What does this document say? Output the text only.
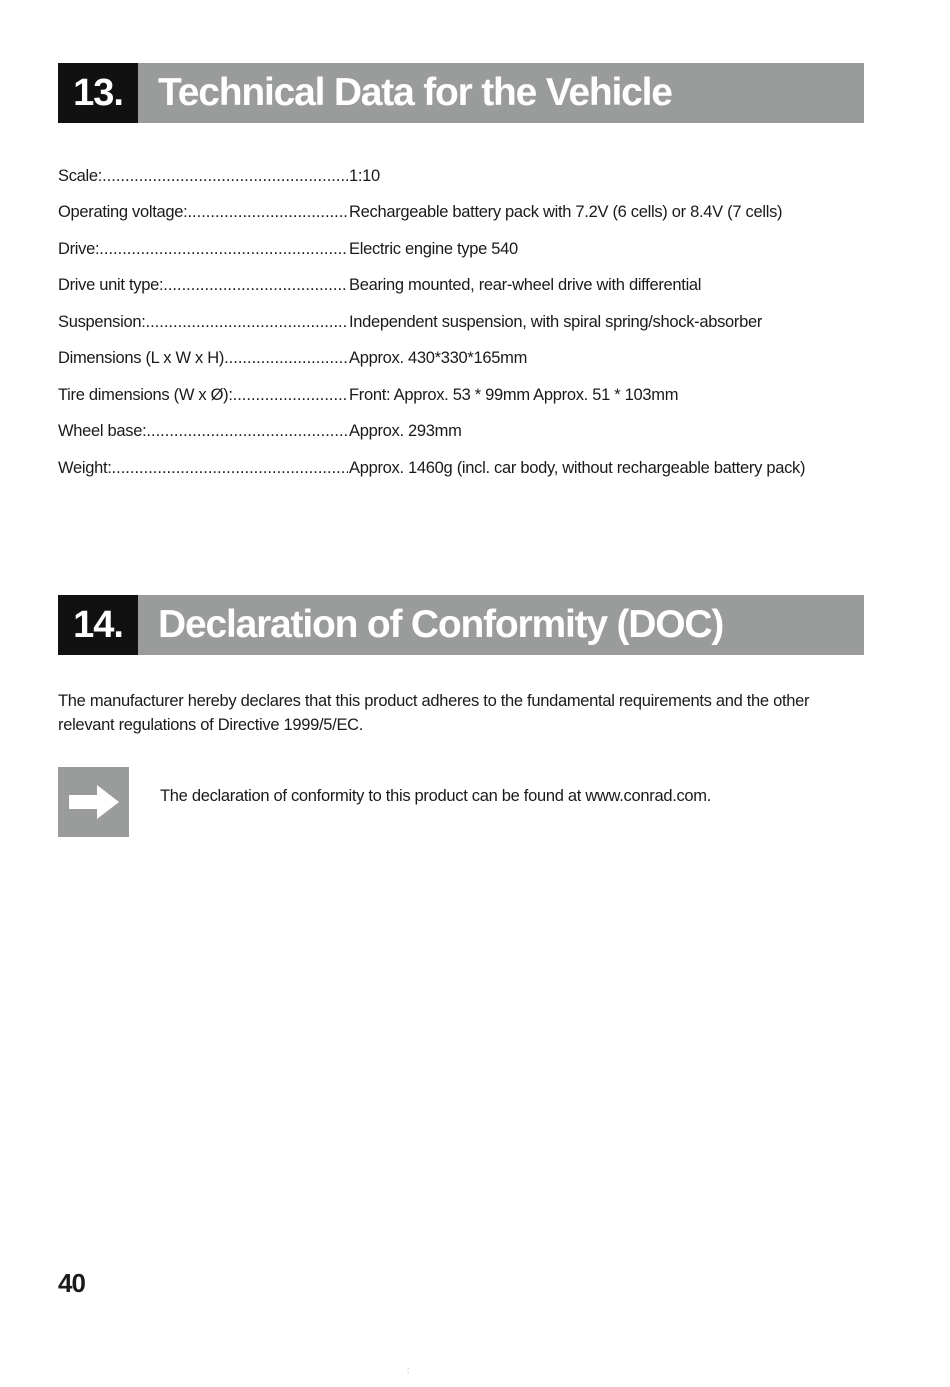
13. Technical Data for the Vehicle
Scale: .....	1:10
Operating voltage: .....	Rechargeable battery pack with 7.2V (6 cells) or 8.4V (7 cells)
Drive: .....	Electric engine type 540
Drive unit type: .....	Bearing mounted, rear-wheel drive with differential
Suspension: .....	Independent suspension, with spiral spring/shock-absorber
Dimensions (L x W x H) .....	Approx. 430*330*165mm
Tire dimensions (W x Ø): .....	Front: Approx. 53 * 99mm Approx. 51 * 103mm
Wheel base: .....	Approx. 293mm
Weight: .....	Approx. 1460g (incl. car body, without rechargeable battery pack)
14. Declaration of Conformity (DOC)

The manufacturer hereby declares that this product adheres to the fundamental requirements and the other relevant regulations of Directive 1999/5/EC.

The declaration of conformity to this product can be found at www.conrad.com.
40
:
